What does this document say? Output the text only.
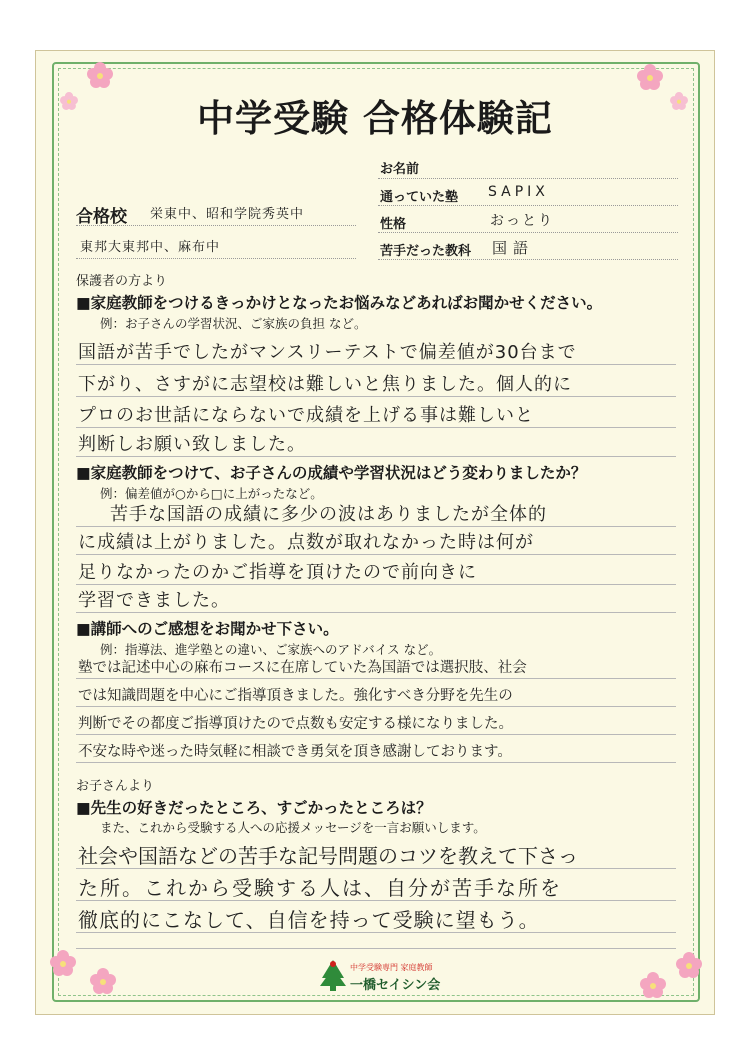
中学受験 合格体験記
お名前
通っていた塾 SAPIX
性格	おっとり
苦手だった教科 国語
合格校 栄東中、昭和学院秀英中
東邦大東邦中、麻布中
保護者の方より
■家庭教師をつけるきっかけとなったお悩みなどあればお聞かせください。
例：お子さんの学習状況、ご家族の負担 など。
国語が苦手でしたがマンスリーテストで偏差値が30台まで
下がり、さすがに志望校は難しいと焦りました。個人的に
プロのお世話にならないで成績を上げる事は難しいと
判断しお願い致しました。
■家庭教師をつけて、お子さんの成績や学習状況はどう変わりましたか？
例：偏差値が○から□に上がったなど。
苦手な国語の成績に多少の波はありましたが全体的
に成績は上がりました。点数が取れなかった時は何が
足りなかったのかご指導を頂けたので前向きに
学習できました。
■講師へのご感想をお聞かせ下さい。
例：指導法、進学塾との違い、ご家族へのアドバイス など。
塾では記述中心の麻布コースに在席していた為国語では選択肢、社会
では知識問題を中心にご指導頂きました。強化すべき分野を先生の
判断でその都度ご指導頂けたので点数も安定する様になりました。
不安な時や迷った時気軽に相談でき勇気を頂き感謝しております。
お子さんより
■先生の好きだったところ、すごかったところは？
また、これから受験する人への応援メッセージを一言お願いします。
社会や国語などの苦手な記号問題のコツを教えて下さっ
た所。これから受験する人は、自分が苦手な所を
徹底的にこなして、自信を持って受験に望もう。
中学受験専門 家庭教師
一橋セイシン会
